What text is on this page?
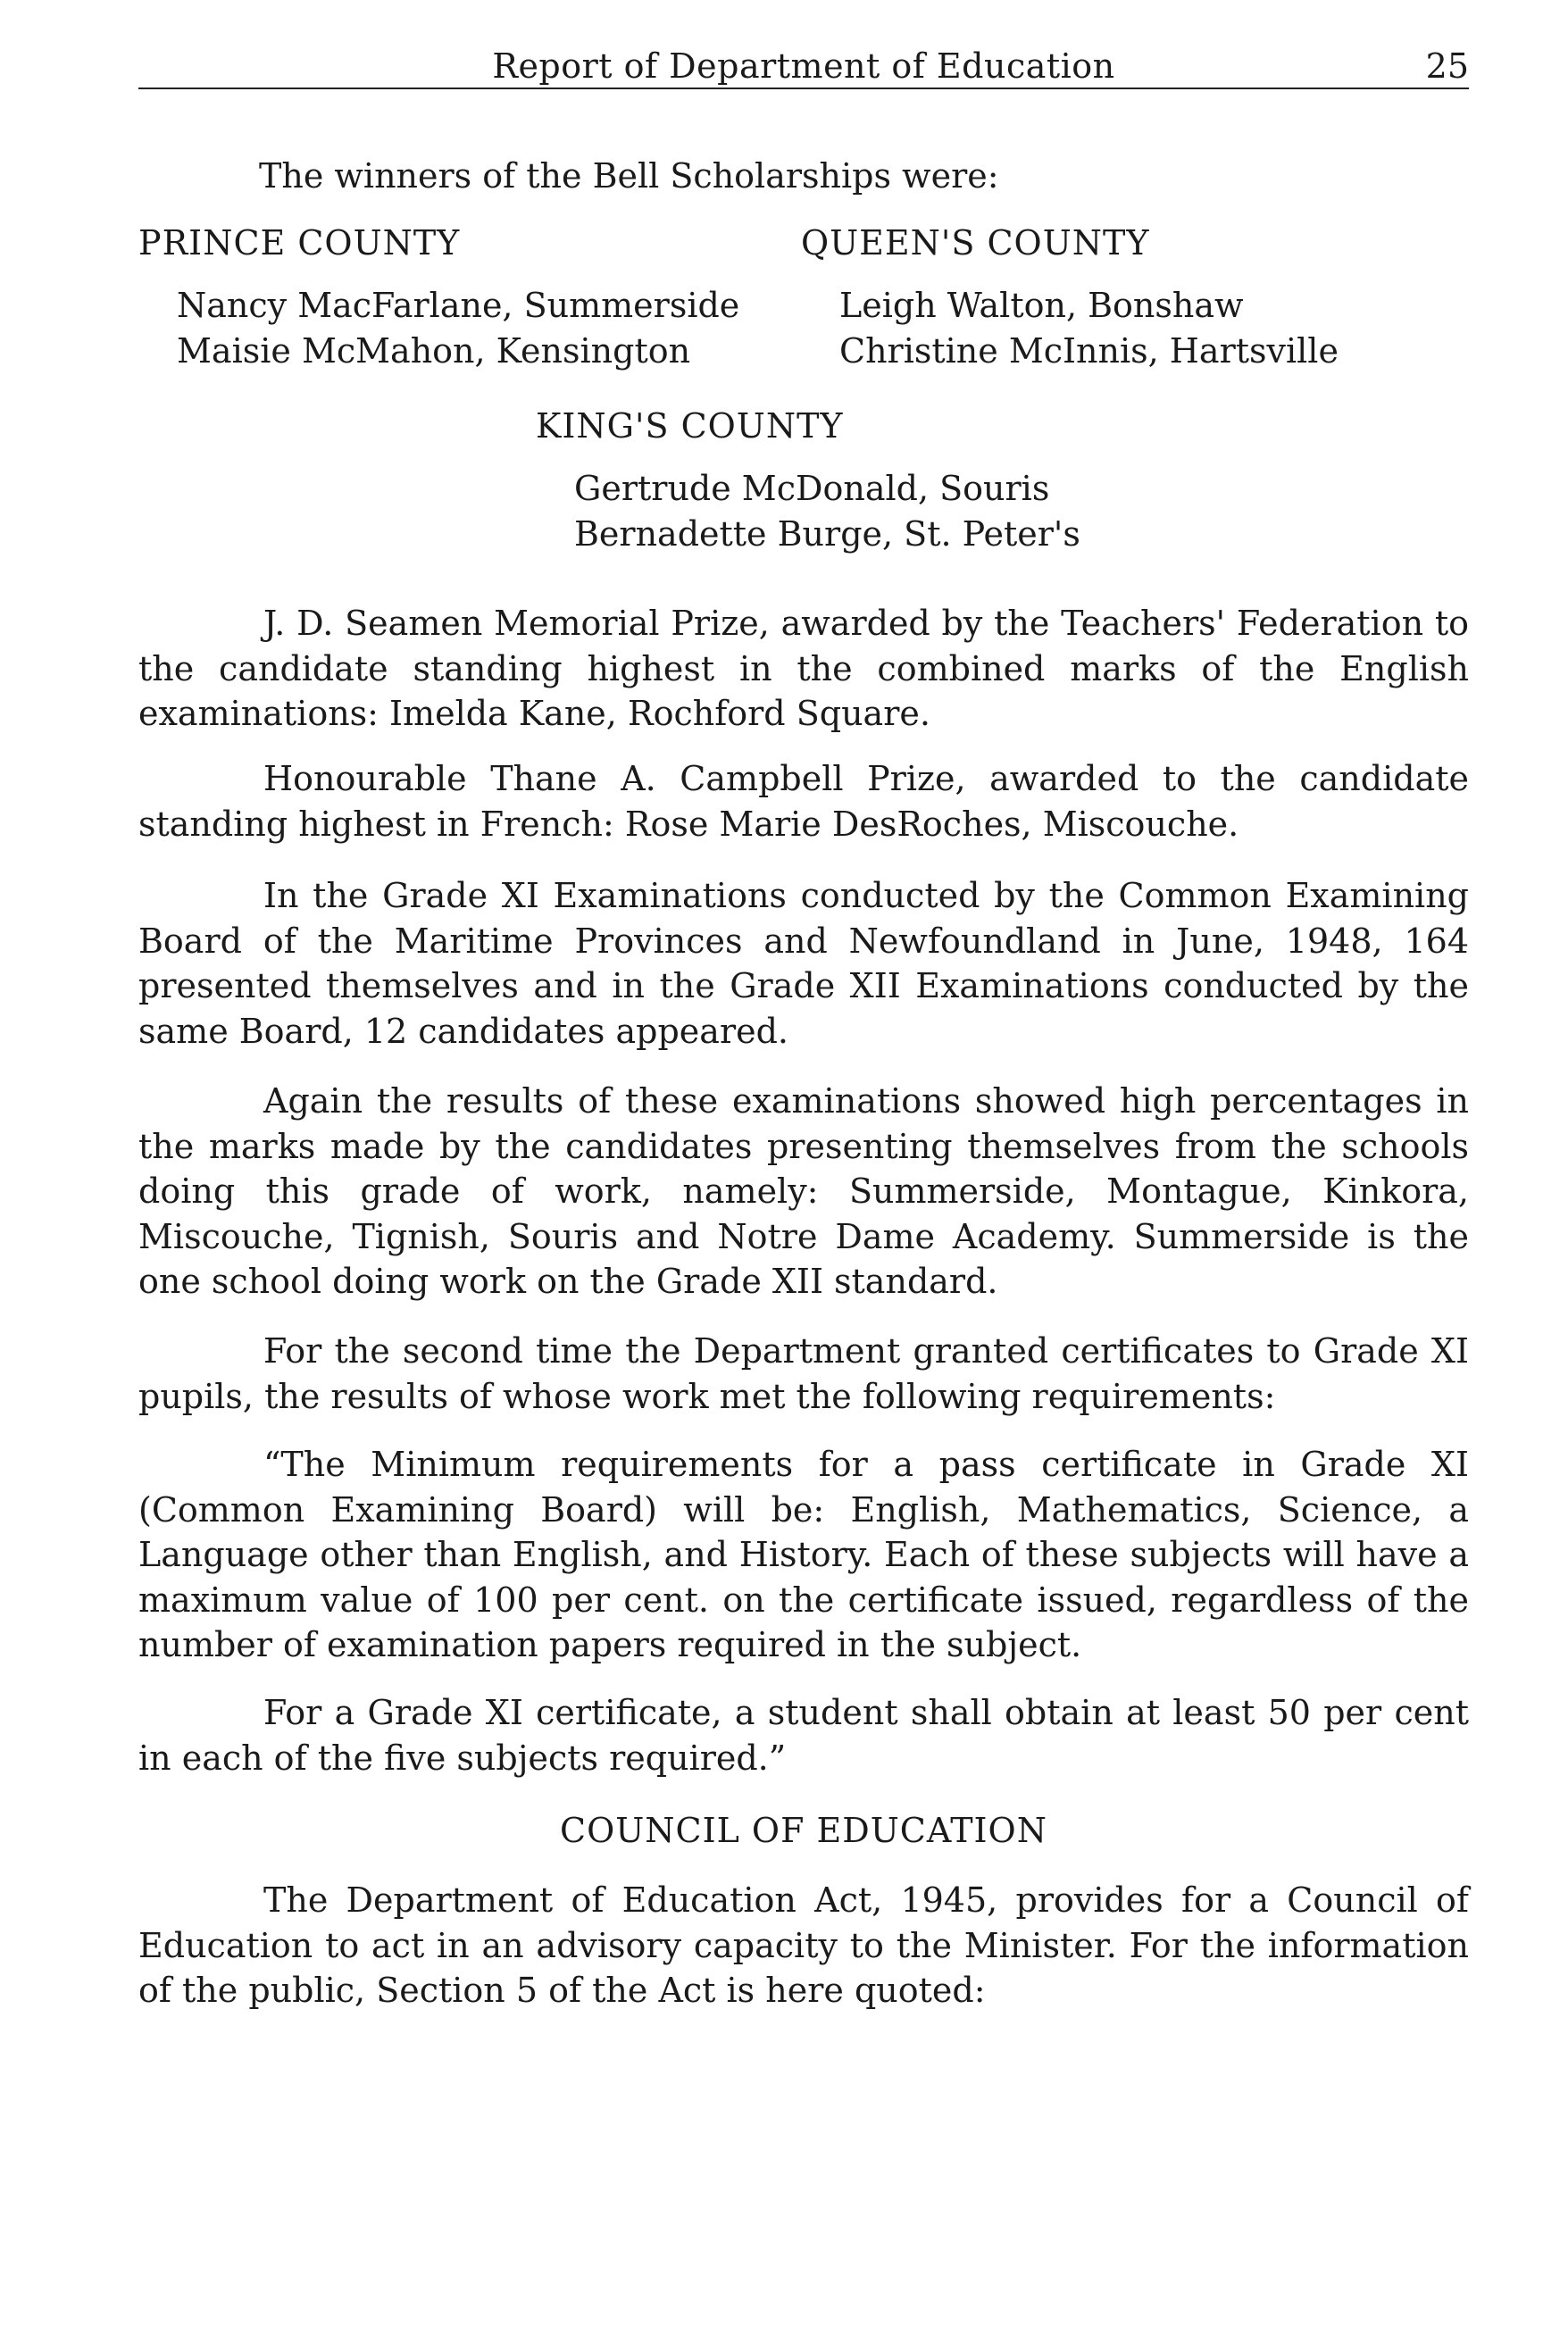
Report of Department of Education	25
The winners of the Bell Scholarships were:
PRINCE COUNTY
Nancy MacFarlane, Summerside
Maisie McMahon, Kensington
QUEEN'S COUNTY
Leigh Walton, Bonshaw
Christine McInnis, Hartsville
KING'S COUNTY
Gertrude McDonald, Souris
Bernadette Burge, St. Peter's

J. D. Seamen Memorial Prize, awarded by the Teachers' Federation to the candidate standing highest in the combined marks of the English examinations: Imelda Kane, Rochford Square.

Honourable Thane A. Campbell Prize, awarded to the candidate standing highest in French: Rose Marie DesRoches, Miscouche.

In the Grade XI Examinations conducted by the Common Examining Board of the Maritime Provinces and Newfoundland in June, 1948, 164 presented themselves and in the Grade XII Examinations conducted by the same Board, 12 candidates appeared.

Again the results of these examinations showed high percentages in the marks made by the candidates presenting themselves from the schools doing this grade of work, namely: Summerside, Montague, Kinkora, Miscouche, Tignish, Souris and Notre Dame Academy. Summerside is the one school doing work on the Grade XII standard.

For the second time the Department granted certificates to Grade XI pupils, the results of whose work met the following requirements:

“The Minimum requirements for a pass certificate in Grade XI (Common Examining Board) will be: English, Mathematics, Science, a Language other than English, and History. Each of these subjects will have a maximum value of 100 per cent. on the certificate issued, regardless of the number of examination papers required in the subject.

For a Grade XI certificate, a student shall obtain at least 50 per cent in each of the five subjects required.”

COUNCIL OF EDUCATION

The Department of Education Act, 1945, provides for a Council of Education to act in an advisory capacity to the Minister. For the information of the public, Section 5 of the Act is here quoted:
